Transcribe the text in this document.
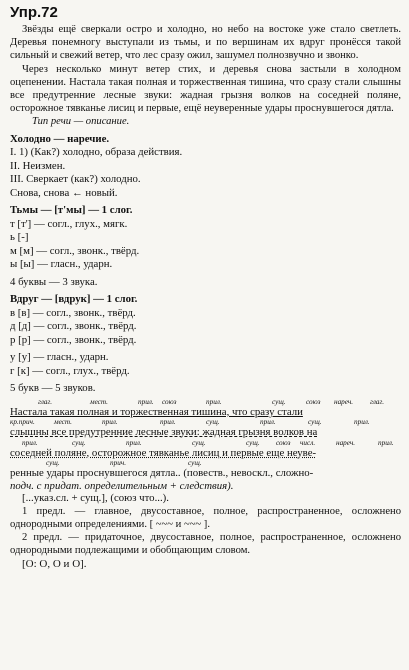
Упр.72

Звёзды ещё сверкали остро и холодно, но небо на востоке уже стало светлеть. Деревья понемногу выступали из тьмы, и по вершинам их вдруг пронёсся такой сильный и свежий ветер, что лес сразу ожил, зашумел полнозвучно и звонко.

Через несколько минут ветер стих, и деревья снова застыли в холодном оцепенении. Настала такая полная и торжественная тишина, что сразу стали слышны все предутренние лесные звуки: жадная грызня волков на соседней поляне, осторожное тявканье лисиц и первые, ещё неуверенные удары проснувшегося дятла.

Тип речи — описание.

Холодно — наречие.

I. 1) (Как?) холодно, образа действия.

II. Неизмен.

III. Сверкает (как?) холодно.

Снова, снова ← новый.

Тьмы — [т'мы] — 1 слог.

т [т'] — согл., глух., мягк.

ь [-]

м [м] — согл., звонк., твёрд.

ы [ы] — гласн., ударн.

4 буквы — 3 звука.

Вдруг — [вдрук] — 1 слог.

в [в] — согл., звонк., твёрд.

д [д] — согл., звонк., твёрд.

р [р] — согл., звонк., твёрд.

у [у] — гласн., ударн.

г [к] — согл., глух., твёрд.

5 букв — 5 звуков.

глаг.	мест.	прил. союз	прил.	сущ.	союз нареч. глаг.

Настала такая полная и торжественная тишина, что сразу стали

кр.прич.	мест.	прил.	прил.	сущ.	прил.	сущ.	прил.

слышны все предутренние лесные звуки: жадная грызня волков на

прил.	сущ.	прил.	сущ.	сущ. союз числ.	нареч.	прил.

соседней поляне, осторожное тявканье лисиц и первые еще неуве-

сущ.	прич.	сущ.

ренные удары проснувшегося дятла.. (повеств., невоскл., сложно-

подч. с придат. определительным + следствия).

[...указ.сл. + сущ.], (союз что...).

1 предл. — главное, двусоставное, полное, распространенное, осложнено однородными определениями. [ ~~~ и ~~~ ].

2 предл. — придаточное, двусоставное, полное, распространенное, осложнено однородными подлежащими и обобщающим словом.

[О: О, О и О].
